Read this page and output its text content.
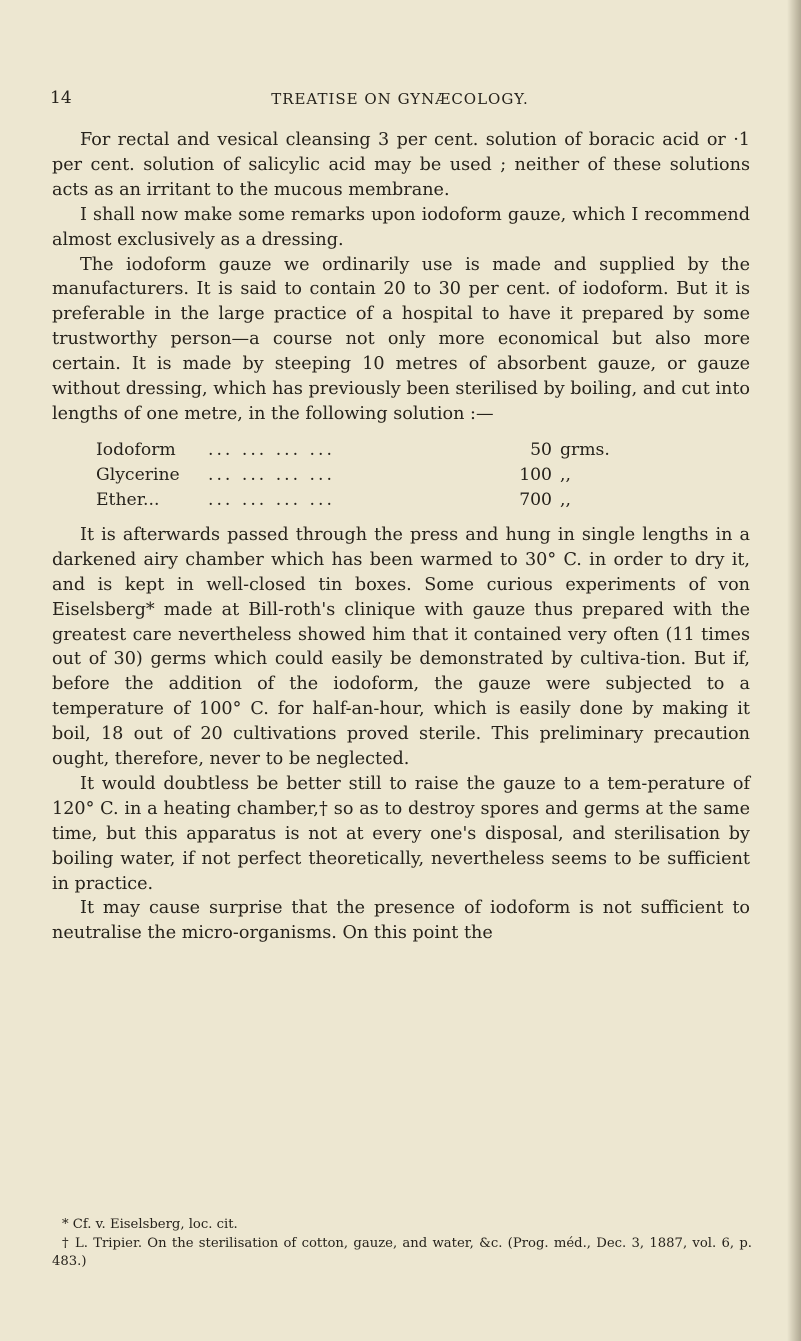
14	TREATISE ON GYNÆCOLOGY.

For rectal and vesical cleansing 3 per cent. solution of boracic acid or ·1 per cent. solution of salicylic acid may be used ; neither of these solutions acts as an irritant to the mucous membrane.

I shall now make some remarks upon iodoform gauze, which I recommend almost exclusively as a dressing.

The iodoform gauze we ordinarily use is made and supplied by the manufacturers. It is said to contain 20 to 30 per cent. of iodoform. But it is preferable in the large practice of a hospital to have it prepared by some trustworthy person—a course not only more economical but also more certain. It is made by steeping 10 metres of absorbent gauze, or gauze without dressing, which has previously been sterilised by boiling, and cut into lengths of one metre, in the following solution :—

Iodoform	... ... ... ...	50 grms.
Glycerine	... ... ... ...	100 ,,
Ether...	... ... ... ...	700 ,,

It is afterwards passed through the press and hung in single lengths in a darkened airy chamber which has been warmed to 30° C. in order to dry it, and is kept in well-closed tin boxes. Some curious experiments of von Eiselsberg* made at Bill-roth's clinique with gauze thus prepared with the greatest care nevertheless showed him that it contained very often (11 times out of 30) germs which could easily be demonstrated by cultiva-tion. But if, before the addition of the iodoform, the gauze were subjected to a temperature of 100° C. for half-an-hour, which is easily done by making it boil, 18 out of 20 cultivations proved sterile. This preliminary precaution ought, therefore, never to be neglected.

It would doubtless be better still to raise the gauze to a tem-perature of 120° C. in a heating chamber,† so as to destroy spores and germs at the same time, but this apparatus is not at every one's disposal, and sterilisation by boiling water, if not perfect theoretically, nevertheless seems to be sufficient in practice.

It may cause surprise that the presence of iodoform is not sufficient to neutralise the micro-organisms. On this point the

* Cf. v. Eiselsberg, loc. cit.

† L. Tripier. On the sterilisation of cotton, gauze, and water, &c. (Prog. méd., Dec. 3, 1887, vol. 6, p. 483.)
